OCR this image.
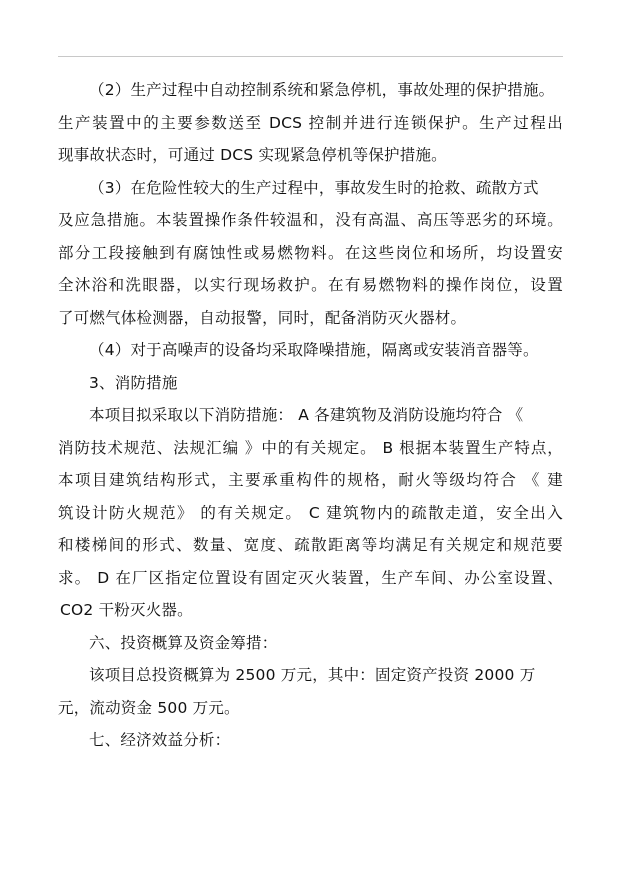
（2）生产过程中自动控制系统和紧急停机，事故处理的保护措施。
生产装置中的主要参数送至 DCS 控制并进行连锁保护。生产过程出
现事故状态时，可通过 DCS 实现紧急停机等保护措施。
（3）在危险性较大的生产过程中，事故发生时的抢救、疏散方式
及应急措施。本装置操作条件较温和，没有高温、高压等恶劣的环境。
部分工段接触到有腐蚀性或易燃物料。在这些岗位和场所，均设置安
全沐浴和洗眼器，以实行现场救护。在有易燃物料的操作岗位，设置
了可燃气体检测器，自动报警，同时，配备消防灭火器材。
（4）对于高噪声的设备均采取降噪措施，隔离或安装消音器等。
3、消防措施
本项目拟采取以下消防措施： A 各建筑物及消防设施均符合 《
消防技术规范、法规汇编 》中的有关规定。 B 根据本装置生产特点，
本项目建筑结构形式，主要承重构件的规格，耐火等级均符合 《 建
筑设计防火规范》 的有关规定。 C 建筑物内的疏散走道，安全出入
和楼梯间的形式、数量、宽度、疏散距离等均满足有关规定和规范要
求。 D 在厂区指定位置设有固定灭火装置，生产车间、办公室设置、
CO2 干粉灭火器。
六、投资概算及资金筹措：
该项目总投资概算为 2500 万元，其中：固定资产投资 2000 万
元，流动资金 500 万元。
七、经济效益分析：
